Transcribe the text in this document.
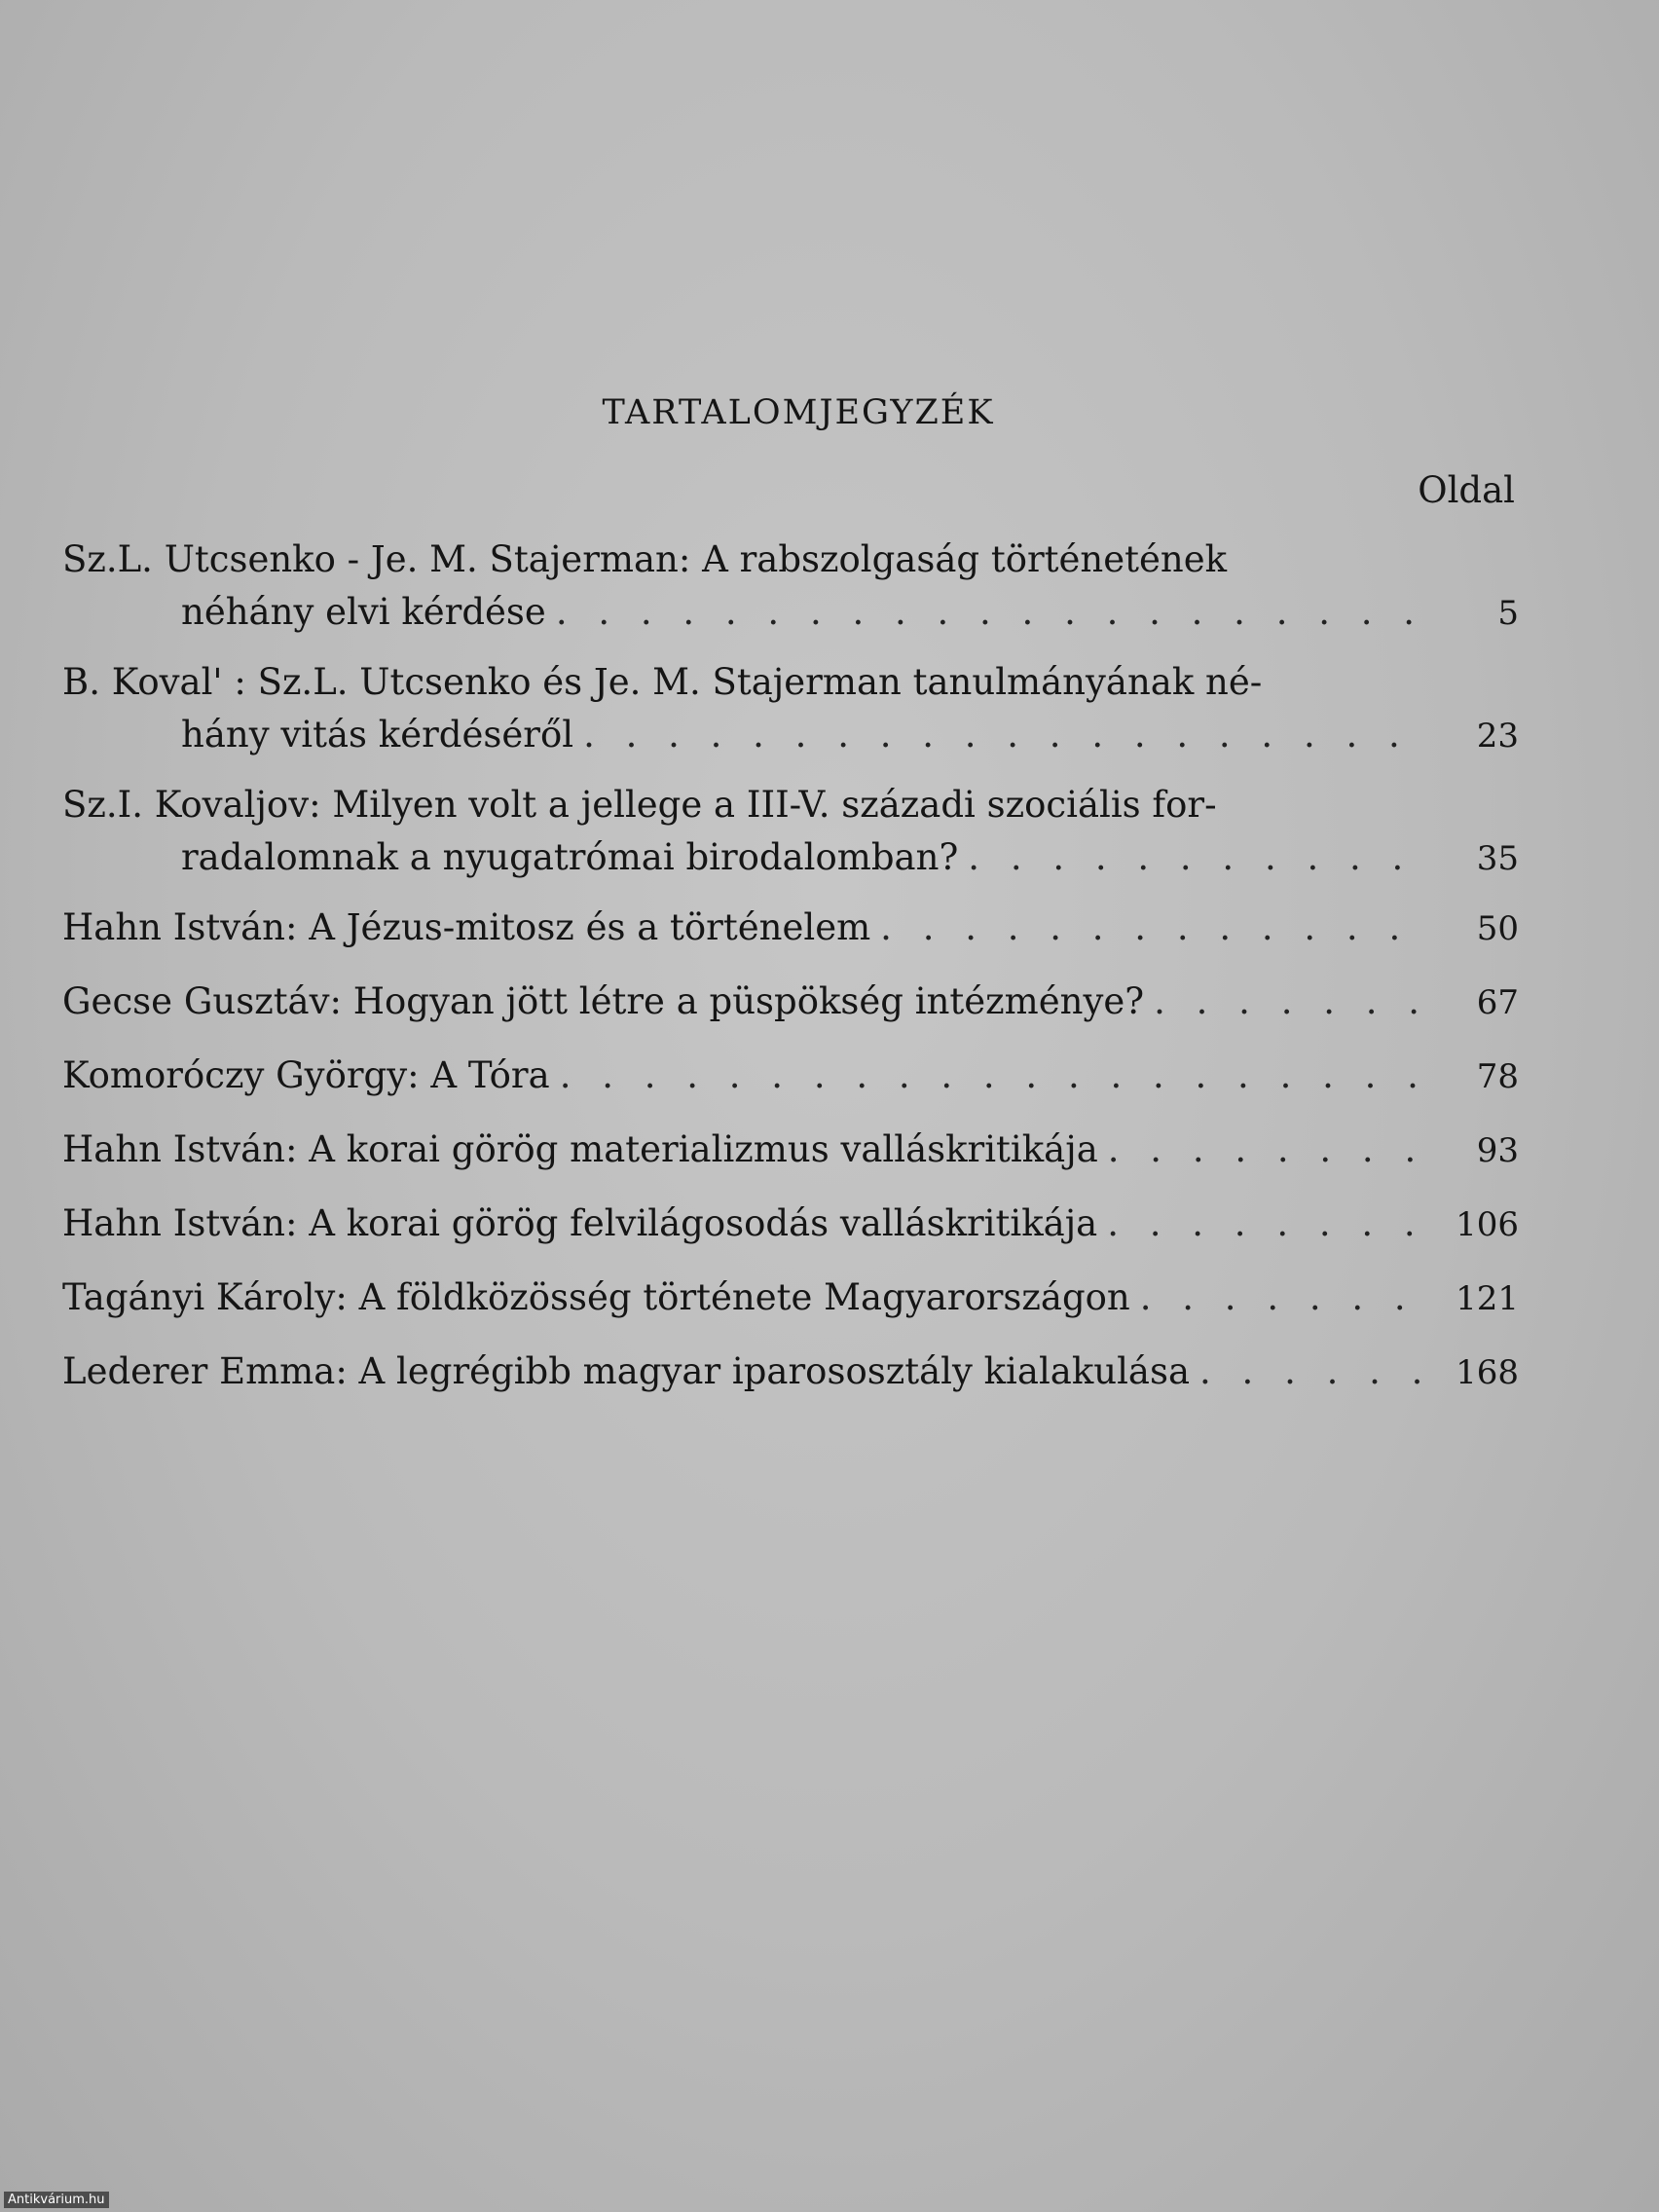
TARTALOMJEGYZÉK
Oldal
Sz.L. Utcsenko - Je. M. Stajerman: A rabszolgaság történetének
néhány elvi kérdése . . .	5
B. Koval' : Sz.L. Utcsenko és Je. M. Stajerman tanulmányának né-
hány vitás kérdéséről . . .	23
Sz.I. Kovaljov: Milyen volt a jellege a III-V. századi szociális for-
radalomnak a nyugatrómai birodalomban? . . .	35
Hahn István: A Jézus-mitosz és a történelem . . .	50
Gecse Gusztáv: Hogyan jött létre a püspökség intézménye? . . .	67
Komoróczy György: A Tóra . . .	78
Hahn István: A korai görög materializmus valláskritikája . . .	93
Hahn István: A korai görög felvilágosodás valláskritikája . . .	106
Tagányi Károly: A földközösség története Magyarországon . . .	121
Lederer Emma: A legrégibb magyar iparososztály kialakulása . . .	168
Antikvárium.hu
